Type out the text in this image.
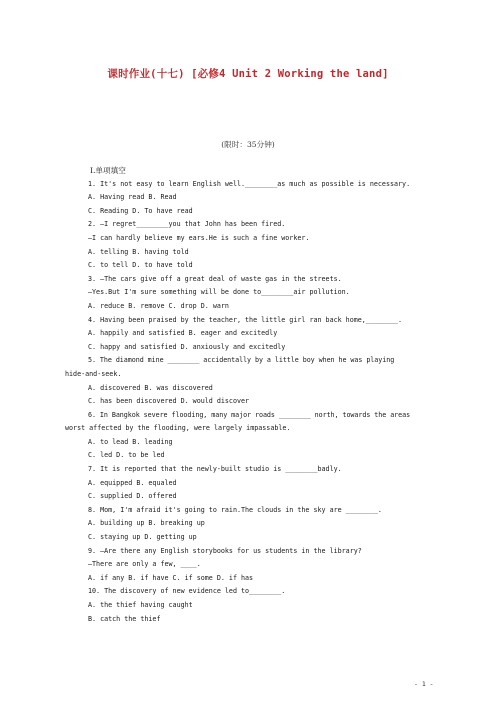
课时作业(十七) [必修4 Unit 2 Working the land]
(限时：35分钟)
Ⅰ.单项填空
1. It's not easy to learn English well.________as much as possible is necessary.
A. Having read B. Read
C. Reading D. To have read
2. —I regret________you that John has been fired.
—I can hardly believe my ears.He is such a fine worker.
A. telling B. having told
C. to tell D. to have told
3. —The cars give off a great deal of waste gas in the streets.
—Yes.But I'm sure something will be done to________air pollution.
A. reduce B. remove C. drop D. warn
4. Having been praised by the teacher, the little girl ran back home,________.
A. happily and satisfied B. eager and excitedly
C. happy and satisfied D. anxiously and excitedly
5. The diamond mine ________ accidentally by a little boy when he was playing
hide-and-seek.
A. discovered B. was discovered
C. has been discovered D. would discover
6. In Bangkok severe flooding, many major roads ________ north, towards the areas
worst affected by the flooding, were largely impassable.
A. to lead B. leading
C. led D. to be led
7. It is reported that the newly-built studio is ________badly.
A. equipped B. equaled
C. supplied D. offered
8. Mom, I'm afraid it's going to rain.The clouds in the sky are ________.
A. building up B. breaking up
C. staying up D. getting up
9. —Are there any English storybooks for us students in the library?
—There are only a few, ____.
A. if any B. if have C. if some D. if has
10. The discovery of new evidence led to________.
A. the thief having caught
B. catch the thief
- 1 -
